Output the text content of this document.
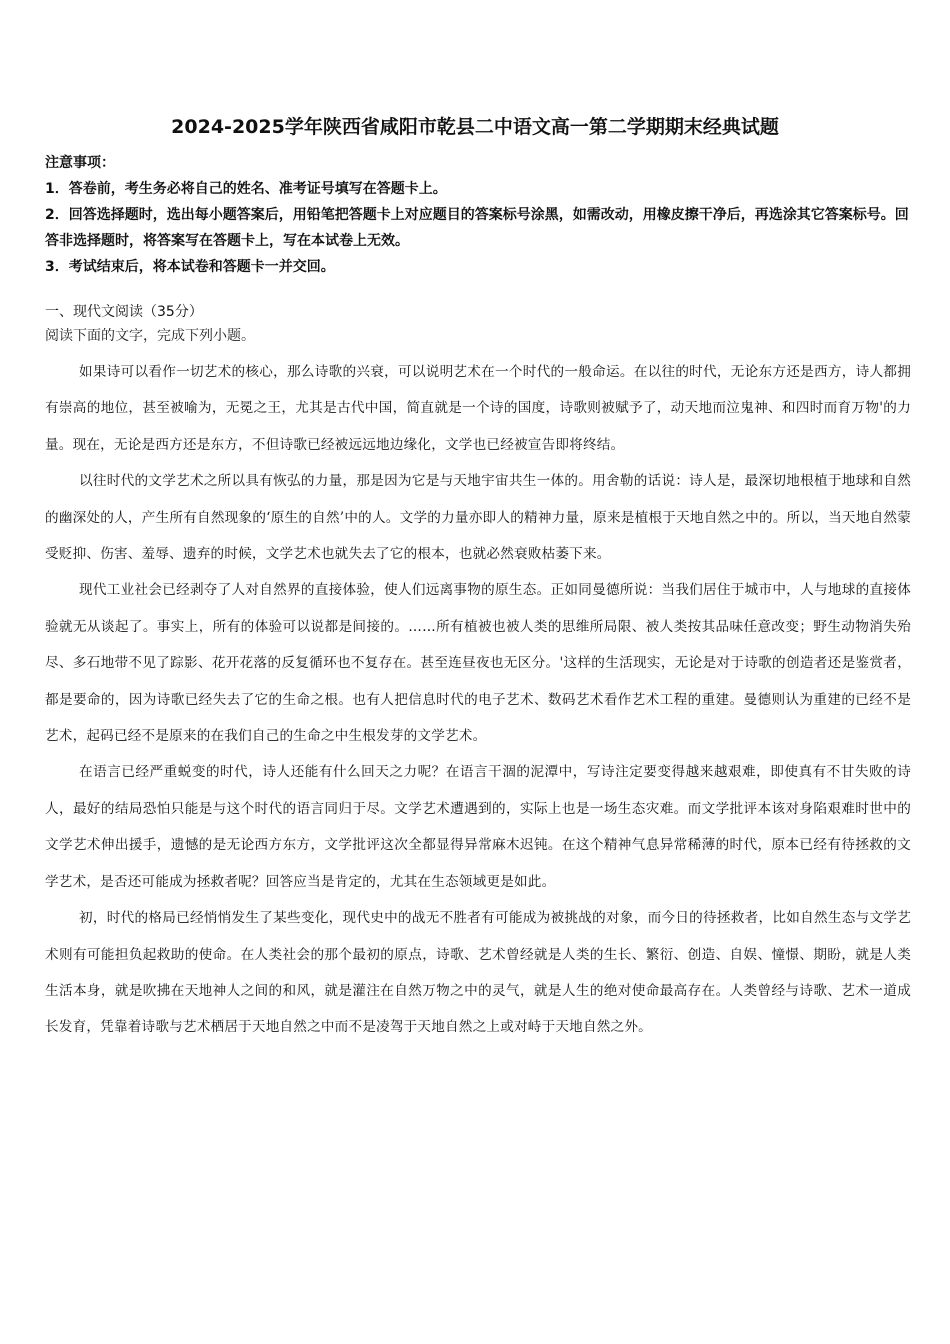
2024-2025学年陕西省咸阳市乾县二中语文高一第二学期期末经典试题

注意事项：

1．答卷前，考生务必将自己的姓名、准考证号填写在答题卡上。

2．回答选择题时，选出每小题答案后，用铅笔把答题卡上对应题目的答案标号涂黑，如需改动，用橡皮擦干净后，再选涂其它答案标号。回答非选择题时，将答案写在答题卡上，写在本试卷上无效。

3．考试结束后，将本试卷和答题卡一并交回。

一、现代文阅读（35分）

阅读下面的文字，完成下列小题。

如果诗可以看作一切艺术的核心，那么诗歌的兴衰，可以说明艺术在一个时代的一般命运。在以往的时代，无论东方还是西方，诗人都拥有崇高的地位，甚至被喻为，无冕之王，尤其是古代中国，简直就是一个诗的国度，诗歌则被赋予了，动天地而泣鬼神、和四时而育万物'的力量。现在，无论是西方还是东方，不但诗歌已经被远远地边缘化，文学也已经被宣告即将终结。

以往时代的文学艺术之所以具有恢弘的力量，那是因为它是与天地宇宙共生一体的。用舍勒的话说：诗人是，最深切地根植于地球和自然的幽深处的人，产生所有自然现象的‘原生的自然’中的人。文学的力量亦即人的精神力量，原来是植根于天地自然之中的。所以，当天地自然蒙受贬抑、伤害、羞辱、遗弃的时候，文学艺术也就失去了它的根本，也就必然衰败枯萎下来。

现代工业社会已经剥夺了人对自然界的直接体验，使人们远离事物的原生态。正如同曼德所说：当我们居住于城市中，人与地球的直接体验就无从谈起了。事实上，所有的体验可以说都是间接的。……所有植被也被人类的思维所局限、被人类按其品味任意改变；野生动物消失殆尽、多石地带不见了踪影、花开花落的反复循环也不复存在。甚至连昼夜也无区分。'这样的生活现实，无论是对于诗歌的创造者还是鉴赏者，都是要命的，因为诗歌已经失去了它的生命之根。也有人把信息时代的电子艺术、数码艺术看作艺术工程的重建。曼德则认为重建的已经不是艺术，起码已经不是原来的在我们自己的生命之中生根发芽的文学艺术。

在语言已经严重蜕变的时代，诗人还能有什么回天之力呢？在语言干涸的泥潭中，写诗注定要变得越来越艰难，即使真有不甘失败的诗人，最好的结局恐怕只能是与这个时代的语言同归于尽。文学艺术遭遇到的，实际上也是一场生态灾难。而文学批评本该对身陷艰难时世中的文学艺术伸出援手，遗憾的是无论西方东方，文学批评这次全都显得异常麻木迟钝。在这个精神气息异常稀薄的时代，原本已经有待拯救的文学艺术，是否还可能成为拯救者呢？回答应当是肯定的，尤其在生态领域更是如此。

初，时代的格局已经悄悄发生了某些变化，现代史中的战无不胜者有可能成为被挑战的对象，而今日的待拯救者，比如自然生态与文学艺术则有可能担负起救助的使命。在人类社会的那个最初的原点，诗歌、艺术曾经就是人类的生长、繁衍、创造、自娱、憧憬、期盼，就是人类生活本身，就是吹拂在天地神人之间的和风，就是灌注在自然万物之中的灵气，就是人生的绝对使命最高存在。人类曾经与诗歌、艺术一道成长发育，凭靠着诗歌与艺术栖居于天地自然之中而不是凌驾于天地自然之上或对峙于天地自然之外。
